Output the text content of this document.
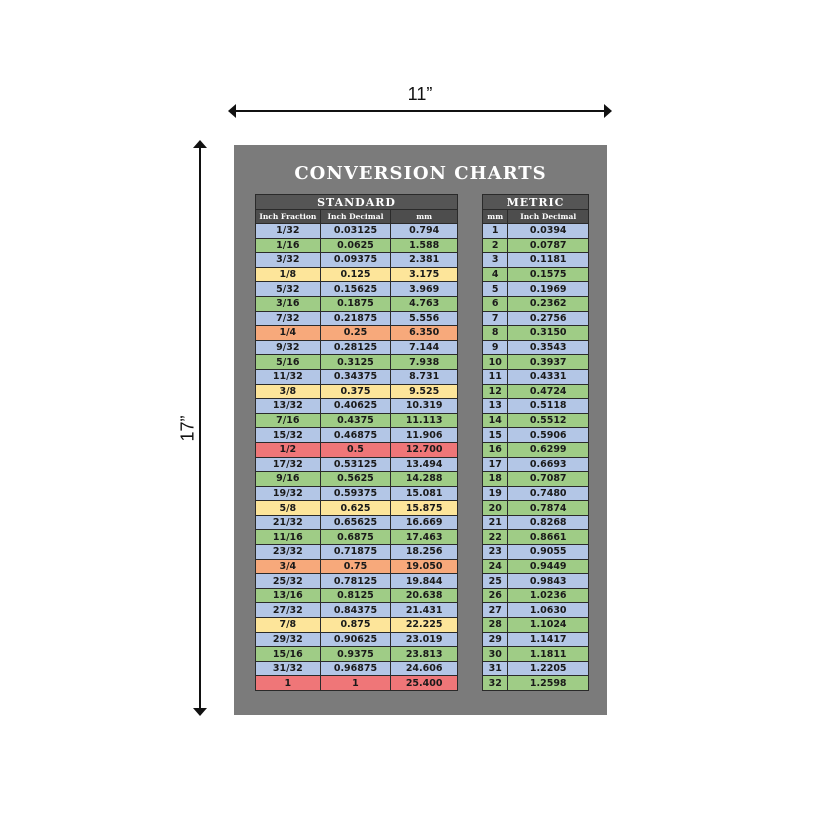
11”
17”
CONVERSION CHARTS
STANDARD		
Inch Fraction	Inch Decimal	mm
1/32	0.03125	0.794
1/16	0.0625	1.588
3/32	0.09375	2.381
1/8	0.125	3.175
5/32	0.15625	3.969
3/16	0.1875	4.763
7/32	0.21875	5.556
1/4	0.25	6.350
9/32	0.28125	7.144
5/16	0.3125	7.938
11/32	0.34375	8.731
3/8	0.375	9.525
13/32	0.40625	10.319
7/16	0.4375	11.113
15/32	0.46875	11.906
1/2	0.5	12.700
17/32	0.53125	13.494
9/16	0.5625	14.288
19/32	0.59375	15.081
5/8	0.625	15.875
21/32	0.65625	16.669
11/16	0.6875	17.463
23/32	0.71875	18.256
3/4	0.75	19.050
25/32	0.78125	19.844
13/16	0.8125	20.638
27/32	0.84375	21.431
7/8	0.875	22.225
29/32	0.90625	23.019
15/16	0.9375	23.813
31/32	0.96875	24.606
1	1	25.400
METRIC	
mm	Inch Decimal
1	0.0394
2	0.0787
3	0.1181
4	0.1575
5	0.1969
6	0.2362
7	0.2756
8	0.3150
9	0.3543
10	0.3937
11	0.4331
12	0.4724
13	0.5118
14	0.5512
15	0.5906
16	0.6299
17	0.6693
18	0.7087
19	0.7480
20	0.7874
21	0.8268
22	0.8661
23	0.9055
24	0.9449
25	0.9843
26	1.0236
27	1.0630
28	1.1024
29	1.1417
30	1.1811
31	1.2205
32	1.2598
